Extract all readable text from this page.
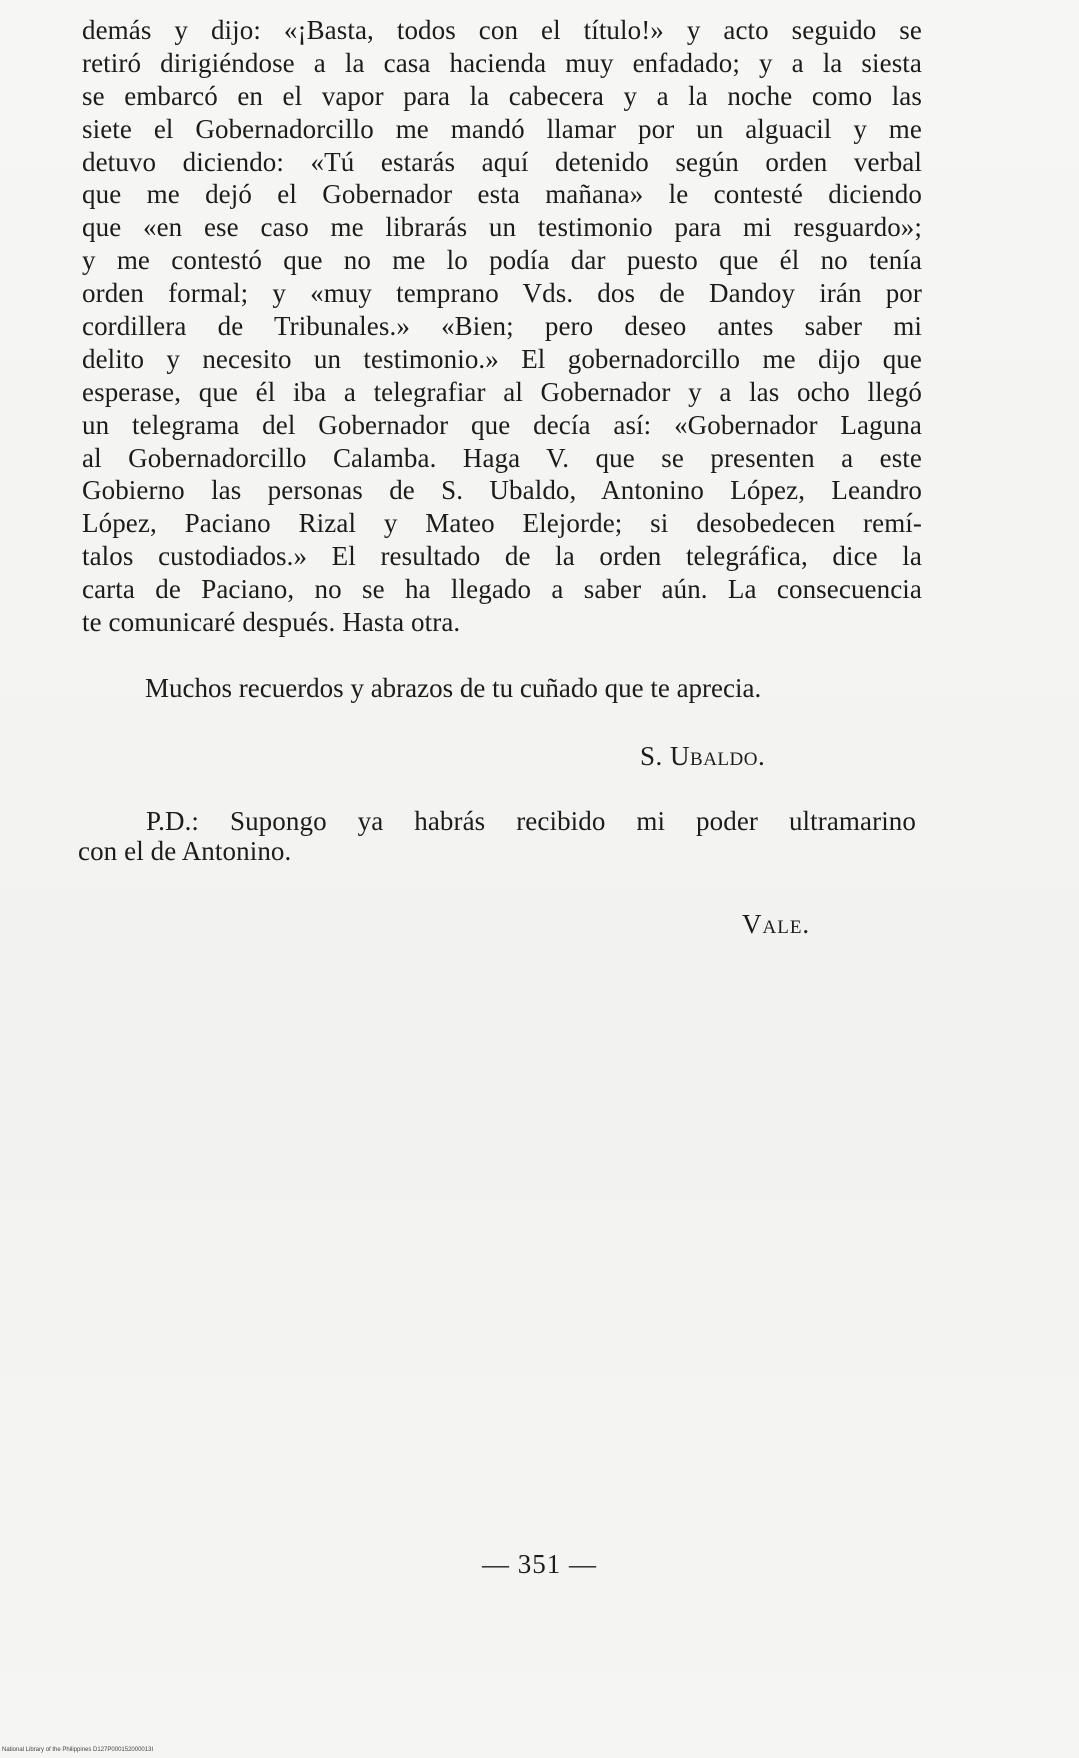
demás y dijo: «¡Basta, todos con el título!» y acto seguido se
retiró dirigiéndose a la casa hacienda muy enfadado; y a la siesta
se embarcó en el vapor para la cabecera y a la noche como las
siete el Gobernadorcillo me mandó llamar por un alguacil y me
detuvo diciendo: «Tú estarás aquí detenido según orden verbal
que me dejó el Gobernador esta mañana» le contesté diciendo
que «en ese caso me librarás un testimonio para mi resguardo»;
y me contestó que no me lo podía dar puesto que él no tenía
orden formal; y «muy temprano Vds. dos de Dandoy irán por
cordillera de Tribunales.» «Bien; pero deseo antes saber mi
delito y necesito un testimonio.» El gobernadorcillo me dijo que
esperase, que él iba a telegrafiar al Gobernador y a las ocho llegó
un telegrama del Gobernador que decía así: «Gobernador Laguna
al Gobernadorcillo Calamba. Haga V. que se presenten a este
Gobierno las personas de S. Ubaldo, Antonino López, Leandro
López, Paciano Rizal y Mateo Elejorde; si desobedecen remí-
talos custodiados.» El resultado de la orden telegráfica, dice la
carta de Paciano, no se ha llegado a saber aún. La consecuencia
te comunicaré después. Hasta otra.
Muchos recuerdos y abrazos de tu cuñado que te aprecia.
S. Ubaldo.
P.D.: Supongo ya habrás recibido mi poder ultramarino
con el de Antonino.
Vale.
— 351 —
National Library of the Philippines D127P000152000013I
